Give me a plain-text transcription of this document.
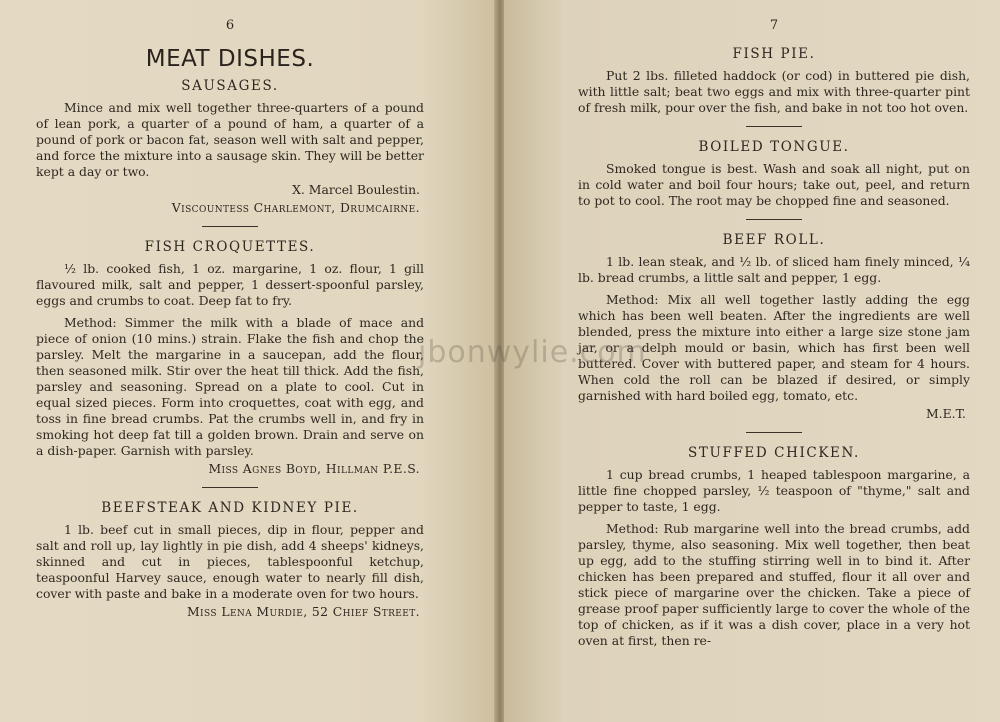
6
MEAT DISHES.
SAUSAGES.

Mince and mix well together three-quarters of a pound of lean pork, a quarter of a pound of ham, a quarter of a pound of pork or bacon fat, season well with salt and pepper, and force the mixture into a sausage skin. They will be better kept a day or two.

X. Marcel Boulestin.
Viscountess Charlemont, Drumcairne.
FISH CROQUETTES.

½ lb. cooked fish, 1 oz. margarine, 1 oz. flour, 1 gill flavoured milk, salt and pepper, 1 dessert-spoonful parsley, eggs and crumbs to coat. Deep fat to fry.

Method: Simmer the milk with a blade of mace and piece of onion (10 mins.) strain. Flake the fish and chop the parsley. Melt the margarine in a saucepan, add the flour, then seasoned milk. Stir over the heat till thick. Add the fish, parsley and seasoning. Spread on a plate to cool. Cut in equal sized pieces. Form into croquettes, coat with egg, and toss in fine bread crumbs. Pat the crumbs well in, and fry in smoking hot deep fat till a golden brown. Drain and serve on a dish-paper. Garnish with parsley.

Miss Agnes Boyd, Hillman P.E.S.
BEEFSTEAK AND KIDNEY PIE.

1 lb. beef cut in small pieces, dip in flour, pepper and salt and roll up, lay lightly in pie dish, add 4 sheeps' kidneys, skinned and cut in pieces, tablespoonful ketchup, teaspoonful Harvey sauce, enough water to nearly fill dish, cover with paste and bake in a moderate oven for two hours.

Miss Lena Murdie, 52 Chief Street.
7
FISH PIE.

Put 2 lbs. filleted haddock (or cod) in buttered pie dish, with little salt; beat two eggs and mix with three-quarter pint of fresh milk, pour over the fish, and bake in not too hot oven.

BOILED TONGUE.

Smoked tongue is best. Wash and soak all night, put on in cold water and boil four hours; take out, peel, and return to pot to cool. The root may be chopped fine and seasoned.

BEEF ROLL.

1 lb. lean steak, and ½ lb. of sliced ham finely minced, ¼ lb. bread crumbs, a little salt and pepper, 1 egg.

Method: Mix all well together lastly adding the egg which has been well beaten. After the ingredients are well blended, press the mixture into either a large size stone jam jar, or a delph mould or basin, which has first been well buttered. Cover with buttered paper, and steam for 4 hours. When cold the roll can be blazed if desired, or simply garnished with hard boiled egg, tomato, etc.

M.E.T.
STUFFED CHICKEN.

1 cup bread crumbs, 1 heaped tablespoon margarine, a little fine chopped parsley, ½ teaspoon of "thyme," salt and pepper to taste, 1 egg.

Method: Rub margarine well into the bread crumbs, add parsley, thyme, also seasoning. Mix well together, then beat up egg, add to the stuffing stirring well in to bind it. After chicken has been prepared and stuffed, flour it all over and stick piece of margarine over the chicken. Take a piece of grease proof paper sufficiently large to cover the whole of the top of chicken, as if it was a dish cover, place in a very hot oven at first, then re-

jbonwylie.com
